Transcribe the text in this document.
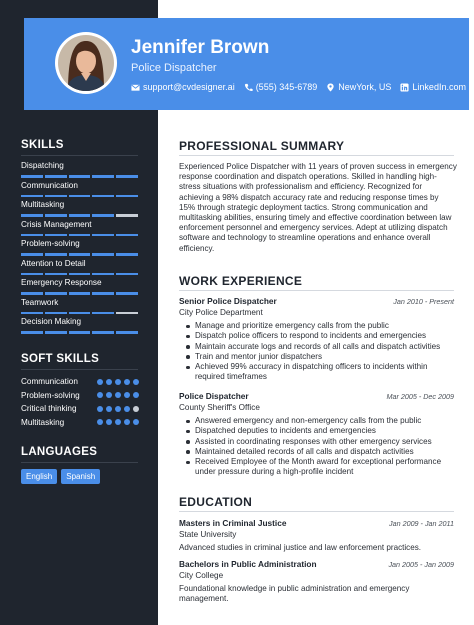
Jennifer Brown
Police Dispatcher
support@cvdesigner.ai (555) 345-6789 NewYork, US LinkedIn.com
SKILLS
Dispatching
Communication
Multitasking
Crisis Management
Problem-solving
Attention to Detail
Emergency Response
Teamwork
Decision Making
SOFT SKILLS
Communication
Problem-solving
Critical thinking
Multitasking
LANGUAGES
English	Spanish
PROFESSIONAL SUMMARY
Experienced Police Dispatcher with 11 years of proven success in emergency response coordination and dispatch operations. Skilled in handling high-stress situations with professionalism and efficiency. Recognized for achieving a 98% dispatch accuracy rate and reducing response times by 15% through strategic deployment tactics. Strong communication and multitasking abilities, ensuring timely and effective coordination between law enforcement personnel and emergency services. Adept at utilizing dispatch software and technology to streamline operations and enhance overall efficiency.
WORK EXPERIENCE
Senior Police Dispatcher	Jan 2010 - Present
City Police Department
Manage and prioritize emergency calls from the public
Dispatch police officers to respond to incidents and emergencies
Maintain accurate logs and records of all calls and dispatch activities
Train and mentor junior dispatchers
Achieved 99% accuracy in dispatching officers to incidents within required timeframes
Police Dispatcher	Mar 2005 - Dec 2009
County Sheriff's Office
Answered emergency and non-emergency calls from the public
Dispatched deputies to incidents and emergencies
Assisted in coordinating responses with other emergency services
Maintained detailed records of all calls and dispatch activities
Received Employee of the Month award for exceptional performance under pressure during a high-profile incident
EDUCATION
Masters in Criminal Justice	Jan 2009 - Jan 2011
State University
Advanced studies in criminal justice and law enforcement practices.
Bachelors in Public Administration	Jan 2005 - Jan 2009
City College
Foundational knowledge in public administration and emergency management.
